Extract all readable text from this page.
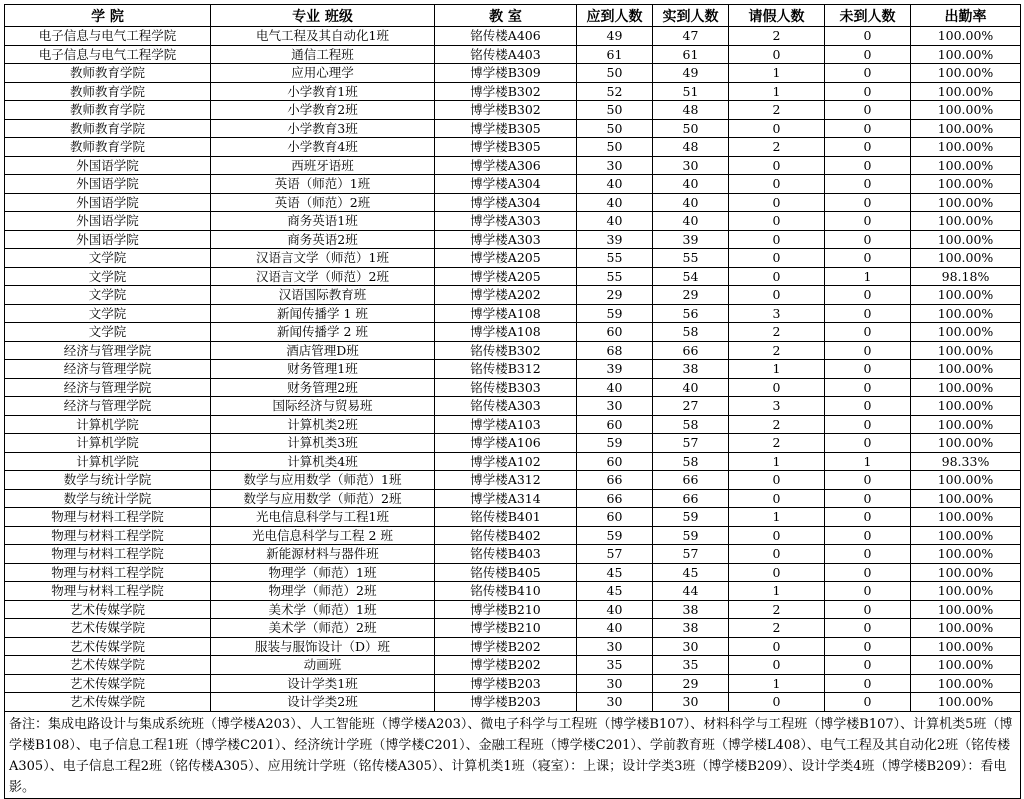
学 院	专业 班级	教 室	应到人数	实到人数	请假人数	未到人数	出勤率
电子信息与电气工程学院	电气工程及其自动化1班	铭传楼A406	49	47	2	0	100.00%
电子信息与电气工程学院	通信工程班	铭传楼A403	61	61	0	0	100.00%
教师教育学院	应用心理学	博学楼B309	50	49	1	0	100.00%
教师教育学院	小学教育1班	博学楼B302	52	51	1	0	100.00%
教师教育学院	小学教育2班	博学楼B302	50	48	2	0	100.00%
教师教育学院	小学教育3班	博学楼B305	50	50	0	0	100.00%
教师教育学院	小学教育4班	博学楼B305	50	48	2	0	100.00%
外国语学院	西班牙语班	博学楼A306	30	30	0	0	100.00%
外国语学院	英语（师范）1班	博学楼A304	40	40	0	0	100.00%
外国语学院	英语（师范）2班	博学楼A304	40	40	0	0	100.00%
外国语学院	商务英语1班	博学楼A303	40	40	0	0	100.00%
外国语学院	商务英语2班	博学楼A303	39	39	0	0	100.00%
文学院	汉语言文学（师范）1班	博学楼A205	55	55	0	0	100.00%
文学院	汉语言文学（师范）2班	博学楼A205	55	54	0	1	98.18%
文学院	汉语国际教育班	博学楼A202	29	29	0	0	100.00%
文学院	新闻传播学 1 班	博学楼A108	59	56	3	0	100.00%
文学院	新闻传播学 2 班	博学楼A108	60	58	2	0	100.00%
经济与管理学院	酒店管理D班	铭传楼B302	68	66	2	0	100.00%
经济与管理学院	财务管理1班	铭传楼B312	39	38	1	0	100.00%
经济与管理学院	财务管理2班	铭传楼B303	40	40	0	0	100.00%
经济与管理学院	国际经济与贸易班	铭传楼A303	30	27	3	0	100.00%
计算机学院	计算机类2班	博学楼A103	60	58	2	0	100.00%
计算机学院	计算机类3班	博学楼A106	59	57	2	0	100.00%
计算机学院	计算机类4班	博学楼A102	60	58	1	1	98.33%
数学与统计学院	数学与应用数学（师范）1班	博学楼A312	66	66	0	0	100.00%
数学与统计学院	数学与应用数学（师范）2班	博学楼A314	66	66	0	0	100.00%
物理与材料工程学院	光电信息科学与工程1班	铭传楼B401	60	59	1	0	100.00%
物理与材料工程学院	光电信息科学与工程 2 班	铭传楼B402	59	59	0	0	100.00%
物理与材料工程学院	新能源材料与器件班	铭传楼B403	57	57	0	0	100.00%
物理与材料工程学院	物理学（师范）1班	铭传楼B405	45	45	0	0	100.00%
物理与材料工程学院	物理学（师范）2班	铭传楼B410	45	44	1	0	100.00%
艺术传媒学院	美术学（师范）1班	博学楼B210	40	38	2	0	100.00%
艺术传媒学院	美术学（师范）2班	博学楼B210	40	38	2	0	100.00%
艺术传媒学院	服装与服饰设计（D）班	博学楼B202	30	30	0	0	100.00%
艺术传媒学院	动画班	博学楼B202	35	35	0	0	100.00%
艺术传媒学院	设计学类1班	博学楼B203	30	29	1	0	100.00%
艺术传媒学院	设计学类2班	博学楼B203	30	30	0	0	100.00%
备注：集成电路设计与集成系统班（博学楼A203）、人工智能班（博学楼A203）、微电子科学与工程班（博学楼B107）、材料科学与工程班（博学楼B107）、计算机类5班（博学楼B108）、电子信息工程1班（博学楼C201）、经济统计学班（博学楼C201）、金融工程班（博学楼C201）、学前教育班（博学楼L408）、电气工程及其自动化2班（铭传楼A305）、电子信息工程2班（铭传楼A305）、应用统计学班（铭传楼A305）、计算机类1班（寝室）：上课；设计学类3班（博学楼B209）、设计学类4班（博学楼B209）：看电影。							
